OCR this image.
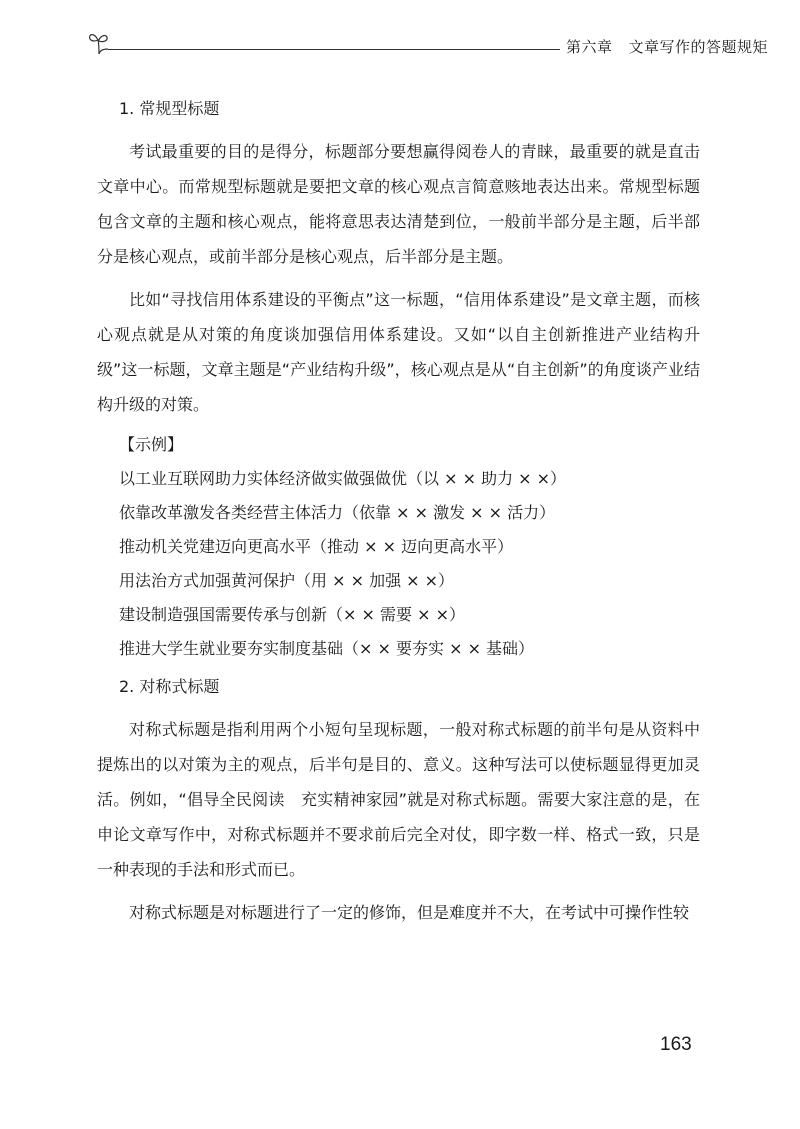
第六章 文章写作的答题规矩
1. 常规型标题

考试最重要的目的是得分，标题部分要想赢得阅卷人的青睐，最重要的就是直击文章中心。而常规型标题就是要把文章的核心观点言简意赅地表达出来。常规型标题包含文章的主题和核心观点，能将意思表达清楚到位，一般前半部分是主题，后半部分是核心观点，或前半部分是核心观点，后半部分是主题。

比如“寻找信用体系建设的平衡点”这一标题，“信用体系建设”是文章主题，而核心观点就是从对策的角度谈加强信用体系建设。又如“以自主创新推进产业结构升级”这一标题，文章主题是“产业结构升级”，核心观点是从“自主创新”的角度谈产业结构升级的对策。

【示例】

以工业互联网助力实体经济做实做强做优（以 × × 助力 × ×）

依靠改革激发各类经营主体活力（依靠 × × 激发 × × 活力）

推动机关党建迈向更高水平（推动 × × 迈向更高水平）

用法治方式加强黄河保护（用 × × 加强 × ×）

建设制造强国需要传承与创新（× × 需要 × ×）

推进大学生就业要夯实制度基础（× × 要夯实 × × 基础）

2. 对称式标题

对称式标题是指利用两个小短句呈现标题，一般对称式标题的前半句是从资料中提炼出的以对策为主的观点，后半句是目的、意义。这种写法可以使标题显得更加灵活。例如，“倡导全民阅读　充实精神家园”就是对称式标题。需要大家注意的是，在申论文章写作中，对称式标题并不要求前后完全对仗，即字数一样、格式一致，只是一种表现的手法和形式而已。

对称式标题是对标题进行了一定的修饰，但是难度并不大，在考试中可操作性较

163
